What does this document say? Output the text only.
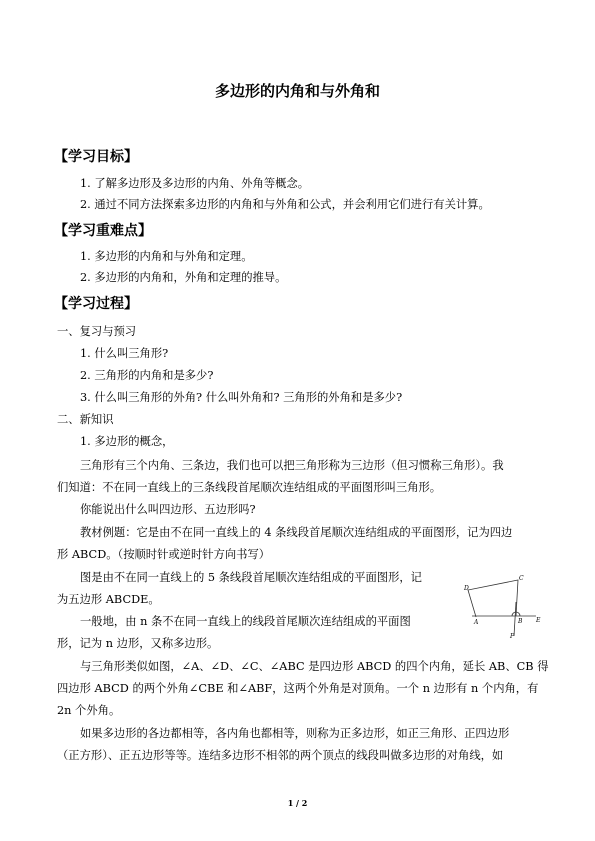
多边形的内角和与外角和
【学习目标】
1. 了解多边形及多边形的内角、外角等概念。
2. 通过不同方法探索多边形的内角和与外角和公式，并会利用它们进行有关计算。
【学习重难点】
1. 多边形的内角和与外角和定理。
2. 多边形的内角和，外角和定理的推导。
【学习过程】
一、复习与预习
1. 什么叫三角形?
2. 三角形的内角和是多少?
3. 什么叫三角形的外角? 什么叫外角和? 三角形的外角和是多少?
二、新知识
1. 多边形的概念，
三角形有三个内角、三条边，我们也可以把三角形称为三边形（但习惯称三角形）。我
们知道：不在同一直线上的三条线段首尾顺次连结组成的平面图形叫三角形。
你能说出什么叫四边形、五边形吗?
教材例题：它是由不在同一直线上的 4 条线段首尾顺次连结组成的平面图形，记为四边
形 ABCD。（按顺时针或逆时针方向书写）
图是由不在同一直线上的 5 条线段首尾顺次连结组成的平面图形，记
为五边形 ABCDE。
一般地，由 n 条不在同一直线上的线段首尾顺次连结组成的平面图
形，记为 n 边形，又称多边形。
与三角形类似如图，∠A、∠D、∠C、∠ABC 是四边形 ABCD 的四个内角，延长 AB、CB 得
四边形 ABCD 的两个外角∠CBE 和∠ABF，这两个外角是对顶角。一个 n 边形有 n 个内角，有
2n 个外角。
如果多边形的各边都相等，各内角也都相等，则称为正多边形，如正三角形、正四边形
（正方形）、正五边形等等。连结多边形不相邻的两个顶点的线段叫做多边形的对角线，如
D
A
C
B E
F
1 / 2
